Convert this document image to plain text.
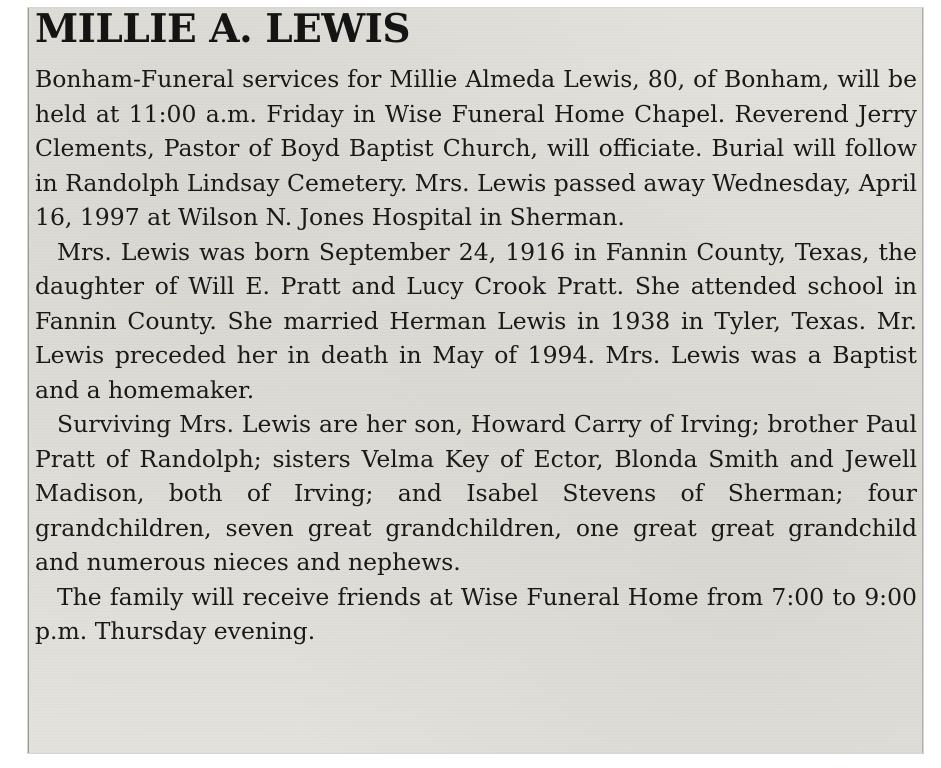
MILLIE A. LEWIS

Bonham-Funeral services for Millie Almeda Lewis, 80, of Bonham, will be held at 11:00 a.m. Friday in Wise Funeral Home Chapel. Reverend Jerry Clements, Pastor of Boyd Baptist Church, will officiate. Burial will follow in Randolph Lindsay Cemetery. Mrs. Lewis passed away Wednesday, April 16, 1997 at Wilson N. Jones Hospital in Sherman.

Mrs. Lewis was born September 24, 1916 in Fannin County, Texas, the daughter of Will E. Pratt and Lucy Crook Pratt. She attended school in Fannin County. She married Herman Lewis in 1938 in Tyler, Texas. Mr. Lewis preceded her in death in May of 1994. Mrs. Lewis was a Baptist and a homemaker.

Surviving Mrs. Lewis are her son, Howard Carry of Irving; brother Paul Pratt of Randolph; sisters Velma Key of Ector, Blonda Smith and Jewell Madison, both of Irving; and Isabel Stevens of Sherman; four grandchildren, seven great grandchildren, one great great grandchild and numerous nieces and nephews.

The family will receive friends at Wise Funeral Home from 7:00 to 9:00 p.m. Thursday evening.
